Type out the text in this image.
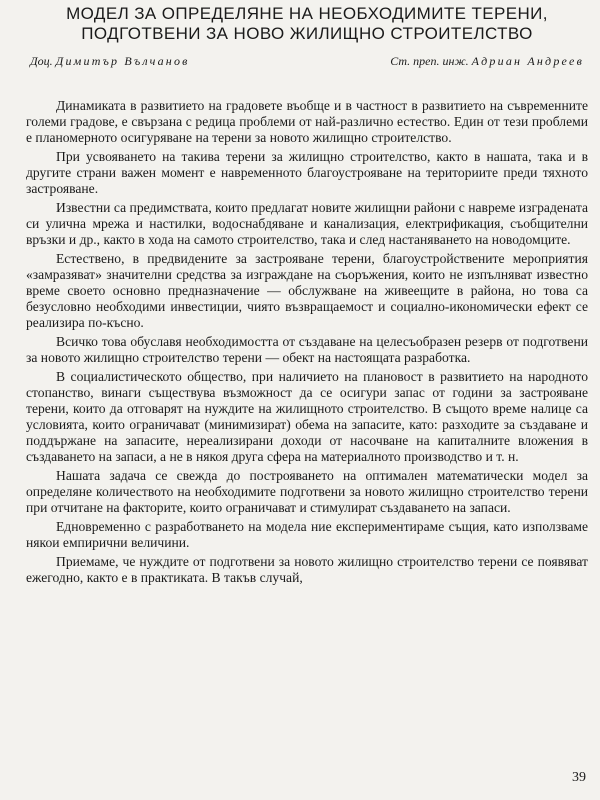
МОДЕЛ ЗА ОПРЕДЕЛЯНЕ НА НЕОБХОДИМИТЕ ТЕРЕНИ,
ПОДГОТВЕНИ ЗА НОВО ЖИЛИЩНО СТРОИТЕЛСТВО
Доц. Димитър Вълчанов	Ст. преп. инж. Адриан Андреев

Динамиката в развитието на градовете въобще и в частност в развитието на съвременните големи градове, е свързана с редица проблеми от най-различно естество. Един от тези проблеми е планомерното осигуряване на терени за новото жилищно строителство.

При усвояването на такива терени за жилищно строителство, както в нашата, така и в другите страни важен момент е навременното благоустрояване на териториите преди тяхното застрояване.

Известни са предимствата, които предлагат новите жилищни райони с навреме изградената си улична мрежа и настилки, водоснабдяване и канализация, електрификация, съобщителни връзки и др., както в хода на самото строителство, така и след настаняването на новодомците.

Естествено, в предвидените за застрояване терени, благоустройствените мероприятия «замразяват» значителни средства за изграждане на съоръжения, които не изпълняват известно време своето основно предназначение — обслужване на живеещите в района, но това са безусловно необходими инвестиции, чиято възвращаемост и социално-икономически ефект се реализира по-късно.

Всичко това обуславя необходимостта от създаване на целесъобразен резерв от подготвени за новото жилищно строителство терени — обект на настоящата разработка.

В социалистическото общество, при наличието на плановост в развитието на народното стопанство, винаги съществува възможност да се осигури запас от години за застрояване терени, които да отговарят на нуждите на жилищното строителство. В същото време налице са условията, които ограничават (минимизират) обема на запасите, като: разходите за създаване и поддържане на запасите, нереализирани доходи от насочване на капиталните вложения в създаването на запаси, а не в някоя друга сфера на материалното производство и т. н.

Нашата задача се свежда до построяването на оптимален математически модел за определяне количеството на необходимите подготвени за новото жилищно строителство терени при отчитане на факторите, които ограничават и стимулират създаването на запаси.

Едновременно с разработването на модела ние експериментираме същия, като използваме някои емпирични величини.

Приемаме, че нуждите от подготвени за новото жилищно строителство терени се появяват ежегодно, както е в практиката. В такъв случай,

39
